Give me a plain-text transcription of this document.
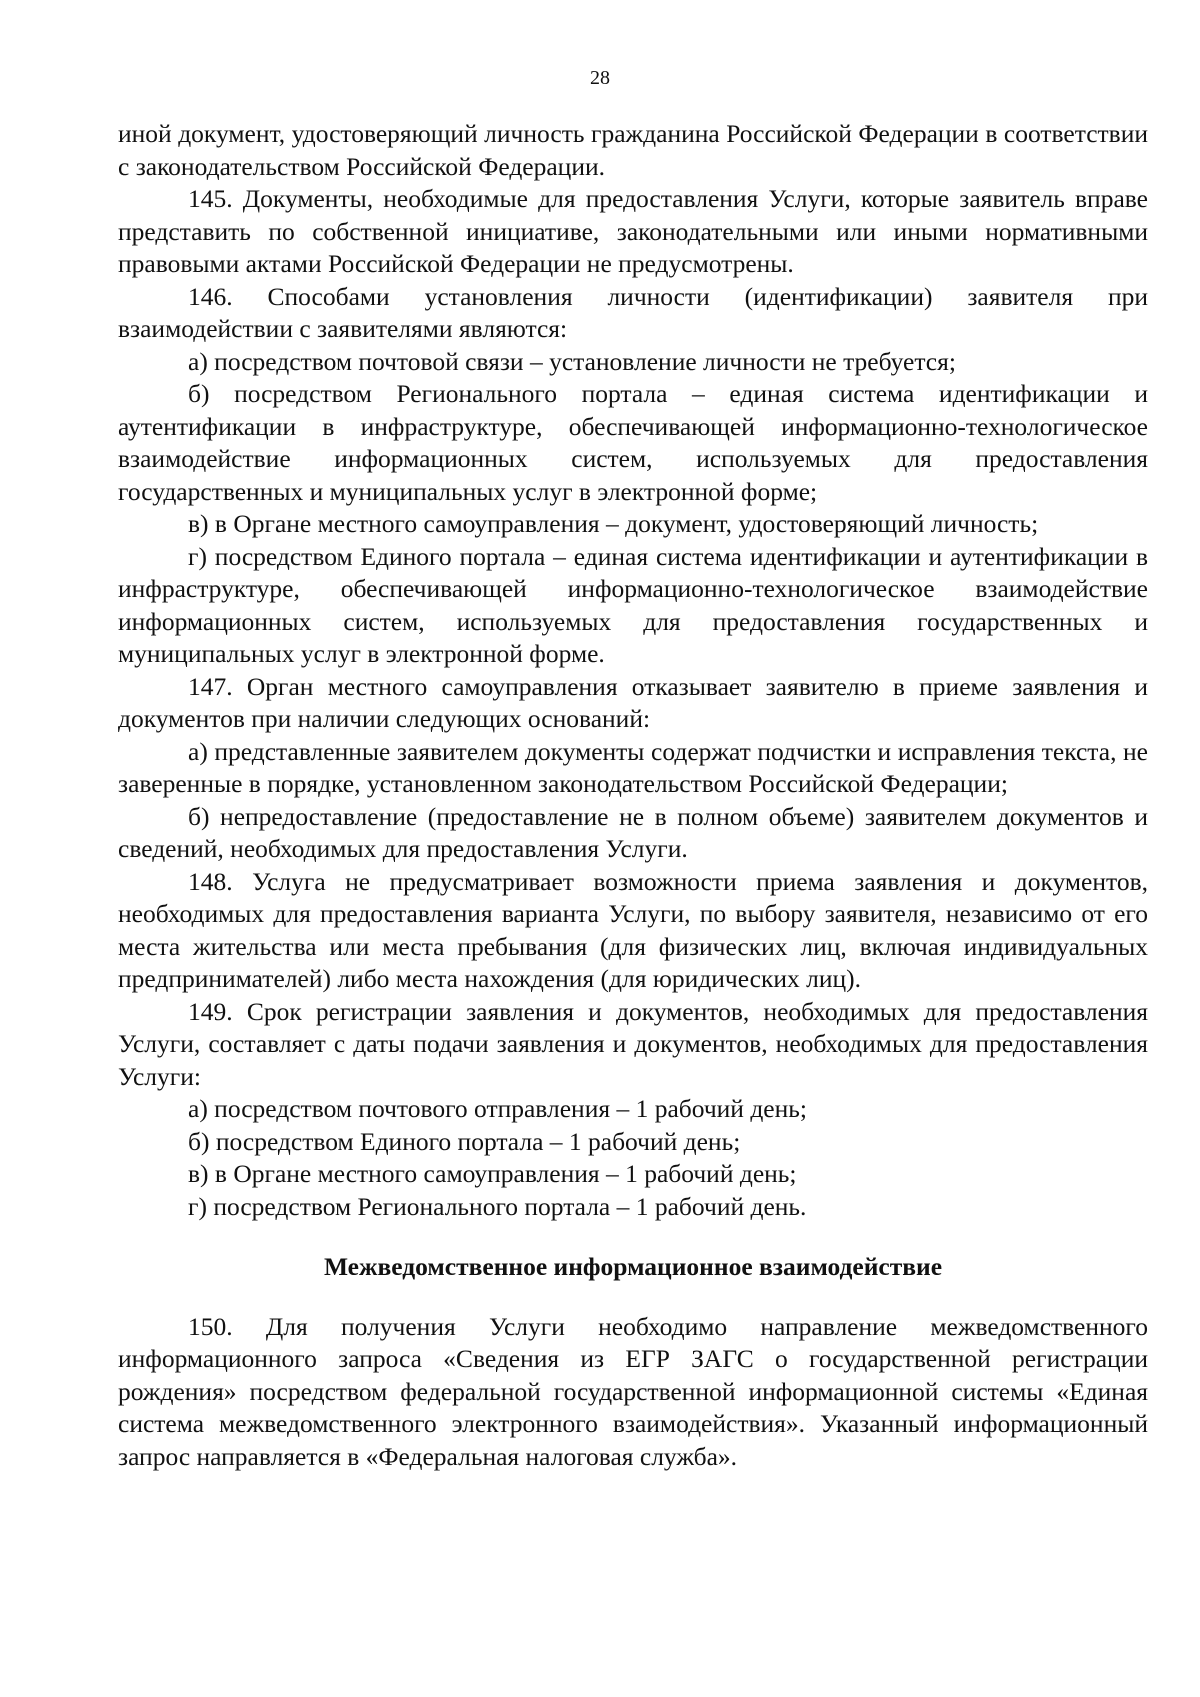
28

иной документ, удостоверяющий личность гражданина Российской Федерации в соответствии с законодательством Российской Федерации.

145. Документы, необходимые для предоставления Услуги, которые заявитель вправе представить по собственной инициативе, законодательными или иными нормативными правовыми актами Российской Федерации не предусмотрены.

146. Способами установления личности (идентификации) заявителя при взаимодействии с заявителями являются:

а) посредством почтовой связи – установление личности не требуется;

б) посредством Регионального портала – единая система идентификации и аутентификации в инфраструктуре, обеспечивающей информационно-технологическое взаимодействие информационных систем, используемых для предоставления государственных и муниципальных услуг в электронной форме;

в) в Органе местного самоуправления – документ, удостоверяющий личность;

г) посредством Единого портала – единая система идентификации и аутентификации в инфраструктуре, обеспечивающей информационно-технологическое взаимодействие информационных систем, используемых для предоставления государственных и муниципальных услуг в электронной форме.

147. Орган местного самоуправления отказывает заявителю в приеме заявления и документов при наличии следующих оснований:

а) представленные заявителем документы содержат подчистки и исправления текста, не заверенные в порядке, установленном законодательством Российской Федерации;

б) непредоставление (предоставление не в полном объеме) заявителем документов и сведений, необходимых для предоставления Услуги.

148. Услуга не предусматривает возможности приема заявления и документов, необходимых для предоставления варианта Услуги, по выбору заявителя, независимо от его места жительства или места пребывания (для физических лиц, включая индивидуальных предпринимателей) либо места нахождения (для юридических лиц).

149. Срок регистрации заявления и документов, необходимых для предоставления Услуги, составляет с даты подачи заявления и документов, необходимых для предоставления Услуги:

а) посредством почтового отправления – 1 рабочий день;

б) посредством Единого портала – 1 рабочий день;

в) в Органе местного самоуправления – 1 рабочий день;

г) посредством Регионального портала – 1 рабочий день.

Межведомственное информационное взаимодействие

150. Для получения Услуги необходимо направление межведомственного информационного запроса «Сведения из ЕГР ЗАГС о государственной регистрации рождения» посредством федеральной государственной информационной системы «Единая система межведомственного электронного взаимодействия». Указанный информационный запрос направляется в «Федеральная налоговая служба».
